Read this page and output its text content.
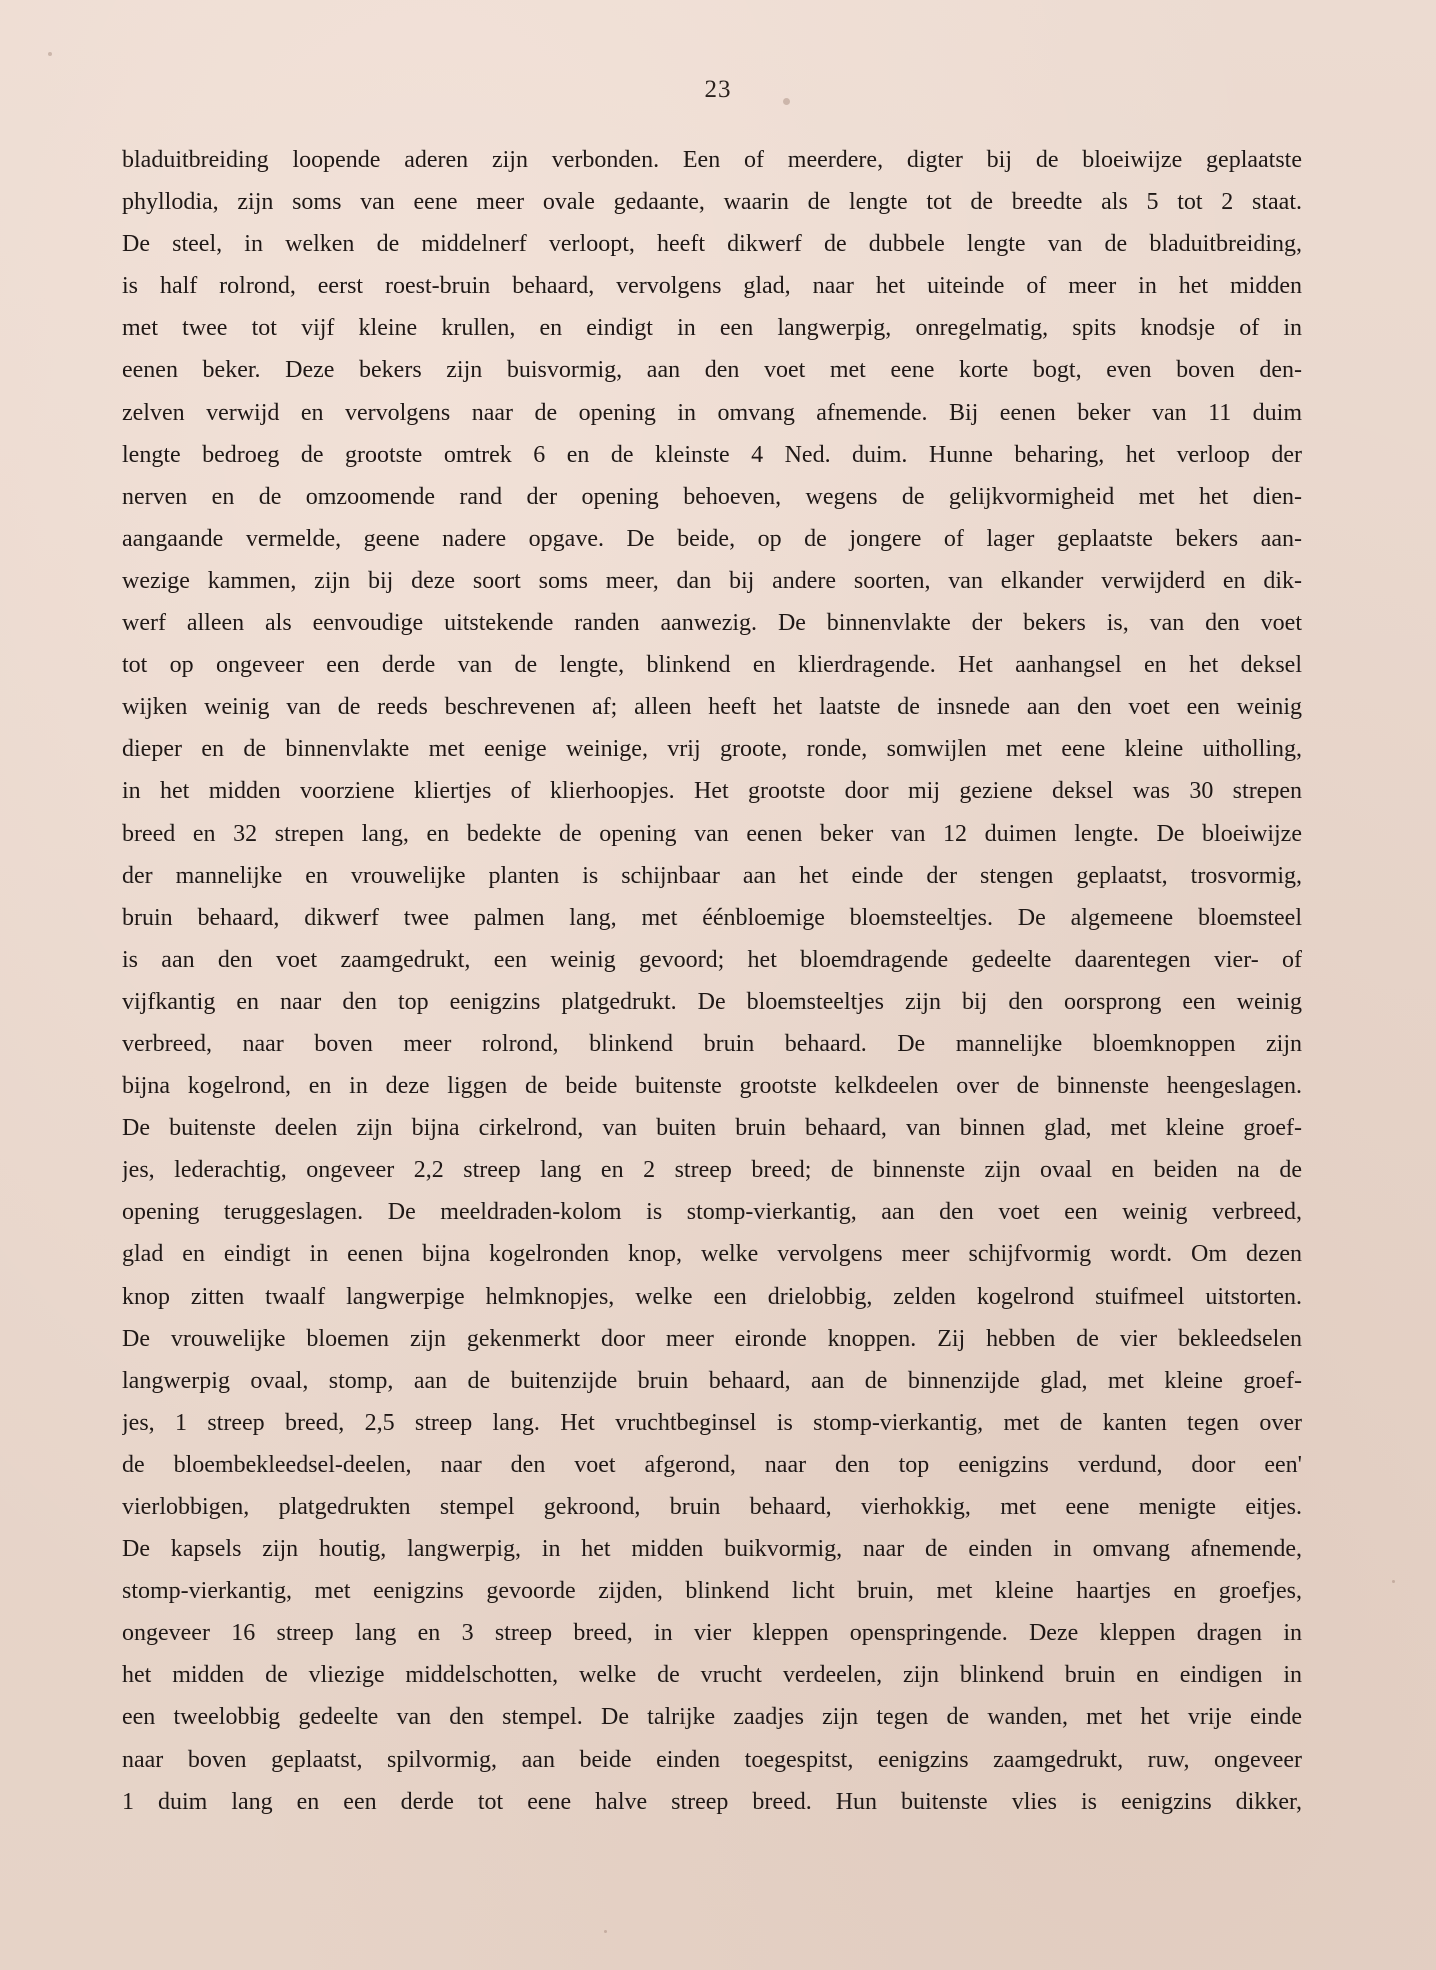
23
bladuitbreiding loopende aderen zijn verbonden. Een of meerdere, digter bij de bloeiwijze geplaatste
phyllodia, zijn soms van eene meer ovale gedaante, waarin de lengte tot de breedte als 5 tot 2 staat.
De steel, in welken de middelnerf verloopt, heeft dikwerf de dubbele lengte van de bladuitbreiding,
is half rolrond, eerst roest-bruin behaard, vervolgens glad, naar het uiteinde of meer in het midden
met twee tot vijf kleine krullen, en eindigt in een langwerpig, onregelmatig, spits knodsje of in
eenen beker. Deze bekers zijn buisvormig, aan den voet met eene korte bogt, even boven den-
zelven verwijd en vervolgens naar de opening in omvang afnemende. Bij eenen beker van 11 duim
lengte bedroeg de grootste omtrek 6 en de kleinste 4 Ned. duim. Hunne beharing, het verloop der
nerven en de omzoomende rand der opening behoeven, wegens de gelijkvormigheid met het dien-
aangaande vermelde, geene nadere opgave. De beide, op de jongere of lager geplaatste bekers aan-
wezige kammen, zijn bij deze soort soms meer, dan bij andere soorten, van elkander verwijderd en dik-
werf alleen als eenvoudige uitstekende randen aanwezig. De binnenvlakte der bekers is, van den voet
tot op ongeveer een derde van de lengte, blinkend en klierdragende. Het aanhangsel en het deksel
wijken weinig van de reeds beschrevenen af; alleen heeft het laatste de insnede aan den voet een weinig
dieper en de binnenvlakte met eenige weinige, vrij groote, ronde, somwijlen met eene kleine uitholling,
in het midden voorziene kliertjes of klierhoopjes. Het grootste door mij geziene deksel was 30 strepen
breed en 32 strepen lang, en bedekte de opening van eenen beker van 12 duimen lengte. De bloeiwijze
der mannelijke en vrouwelijke planten is schijnbaar aan het einde der stengen geplaatst, trosvormig,
bruin behaard, dikwerf twee palmen lang, met éénbloemige bloemsteeltjes. De algemeene bloemsteel
is aan den voet zaamgedrukt, een weinig gevoord; het bloemdragende gedeelte daarentegen vier- of
vijfkantig en naar den top eenigzins platgedrukt. De bloemsteeltjes zijn bij den oorsprong een weinig
verbreed, naar boven meer rolrond, blinkend bruin behaard. De mannelijke bloemknoppen zijn
bijna kogelrond, en in deze liggen de beide buitenste grootste kelkdeelen over de binnenste heengeslagen.
De buitenste deelen zijn bijna cirkelrond, van buiten bruin behaard, van binnen glad, met kleine groef-
jes, lederachtig, ongeveer 2,2 streep lang en 2 streep breed; de binnenste zijn ovaal en beiden na de
opening teruggeslagen. De meeldraden-kolom is stomp-vierkantig, aan den voet een weinig verbreed,
glad en eindigt in eenen bijna kogelronden knop, welke vervolgens meer schijfvormig wordt. Om dezen
knop zitten twaalf langwerpige helmknopjes, welke een drielobbig, zelden kogelrond stuifmeel uitstorten.
De vrouwelijke bloemen zijn gekenmerkt door meer eironde knoppen. Zij hebben de vier bekleedselen
langwerpig ovaal, stomp, aan de buitenzijde bruin behaard, aan de binnenzijde glad, met kleine groef-
jes, 1 streep breed, 2,5 streep lang. Het vruchtbeginsel is stomp-vierkantig, met de kanten tegen over
de bloembekleedsel-deelen, naar den voet afgerond, naar den top eenigzins verdund, door een'
vierlobbigen, platgedrukten stempel gekroond, bruin behaard, vierhokkig, met eene menigte eitjes.
De kapsels zijn houtig, langwerpig, in het midden buikvormig, naar de einden in omvang afnemende,
stomp-vierkantig, met eenigzins gevoorde zijden, blinkend licht bruin, met kleine haartjes en groefjes,
ongeveer 16 streep lang en 3 streep breed, in vier kleppen openspringende. Deze kleppen dragen in
het midden de vliezige middelschotten, welke de vrucht verdeelen, zijn blinkend bruin en eindigen in
een tweelobbig gedeelte van den stempel. De talrijke zaadjes zijn tegen de wanden, met het vrije einde
naar boven geplaatst, spilvormig, aan beide einden toegespitst, eenigzins zaamgedrukt, ruw, ongeveer
1 duim lang en een derde tot eene halve streep breed. Hun buitenste vlies is eenigzins dikker,
